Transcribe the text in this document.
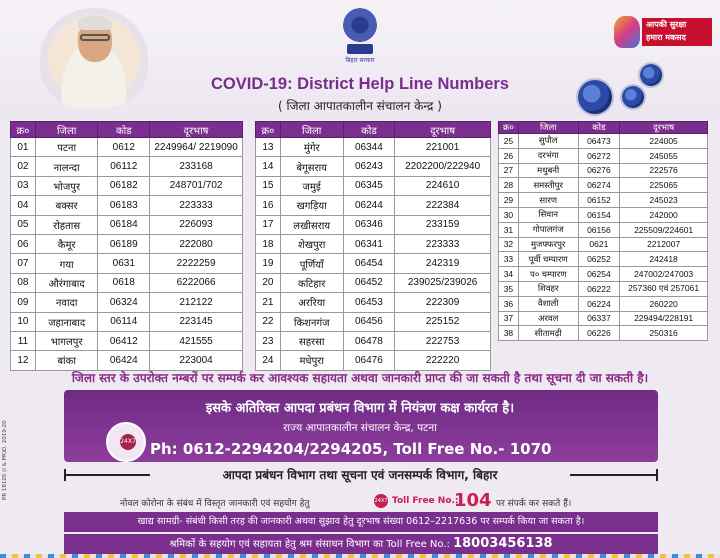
बिहार सरकार
आपकी सुरक्षा
हमारा मकसद
COVID-19: District Help Line Numbers
( जिला आपातकालीन संचालन केन्द्र )
क्र०	जिला	कोड	दूरभाष
01	पटना	0612	2249964/ 2219090
02	नालन्दा	06112	233168
03	भोजपुर	06182	248701/702
04	बक्सर	06183	223333
05	रोहतास	06184	226093
06	कैमूर	06189	222080
07	गया	0631	2222259
08	औरंगाबाद	0618	6222066
09	नवादा	06324	212122
10	जहानाबाद	06114	223145
11	भागलपुर	06412	421555
12	बांका	06424	223004
क्र०	जिला	कोड	दूरभाष
13	मुंगेर	06344	221001
14	बेगूसराय	06243	2202200/222940
15	जमुई	06345	224610
16	खगड़िया	06244	222384
17	लखीसराय	06346	233159
18	शेखपुरा	06341	223333
19	पूर्णियाँ	06454	242319
20	कटिहार	06452	239025/239026
21	अररिया	06453	222309
22	किशनगंज	06456	225152
23	सहरसा	06478	222753
24	मधेपुरा	06476	222220
क्र०	जिला	कोड	दूरभाष
25	सुपौल	06473	224005
26	दरभंगा	06272	245055
27	मधुबनी	06276	222576
28	समस्तीपुर	06274	225065
29	सारण	06152	245023
30	सिवान	06154	242000
31	गोपालगंज	06156	225509/224601
32	मुजफ्फरपुर	0621	2212007
33	पूर्वी चम्पारण	06252	242418
34	प० चम्पारण	06254	247002/247003
35	शिवहर	06222	257360 एवं 257061
36	वैशाली	06224	260220
37	अरवल	06337	229494/228191
38	सीतामढ़ी	06226	250316
जिला स्तर के उपरोक्त नम्बरों पर सम्पर्क कर आवश्यक सहायता अथवा जानकारी प्राप्त की जा सकती है तथा सूचना दी जा सकती है।
इसके अतिरिक्त आपदा प्रबंधन विभाग में नियंत्रण कक्ष कार्यरत है।
राज्य आपातकालीन संचालन केन्द्र, पटना
Ph: 0612-2294204/2294205, Toll Free No.- 1070
24X7
PR 18105 (I & PR)D. 2019-20	आपदा प्रबंधन विभाग तथा सूचना एवं जनसम्पर्क विभाग, बिहार
नोवल कोरोना के संबंध में विस्तृत जानकारी एवं सहयोग हेतु	24X7 Toll Free No.:
104 पर संपर्क कर सकते हैं।
खाद्य सामग्री- संबंधी किसी तरह की जानकारी अथवा सुझाव हेतु दूरभाष संख्या 0612–2217636 पर सम्पर्क किया जा सकता है।
श्रमिकों के सहयोग एवं सहायता हेतु श्रम संसाधन विभाग का Toll Free No.: 18003456138
